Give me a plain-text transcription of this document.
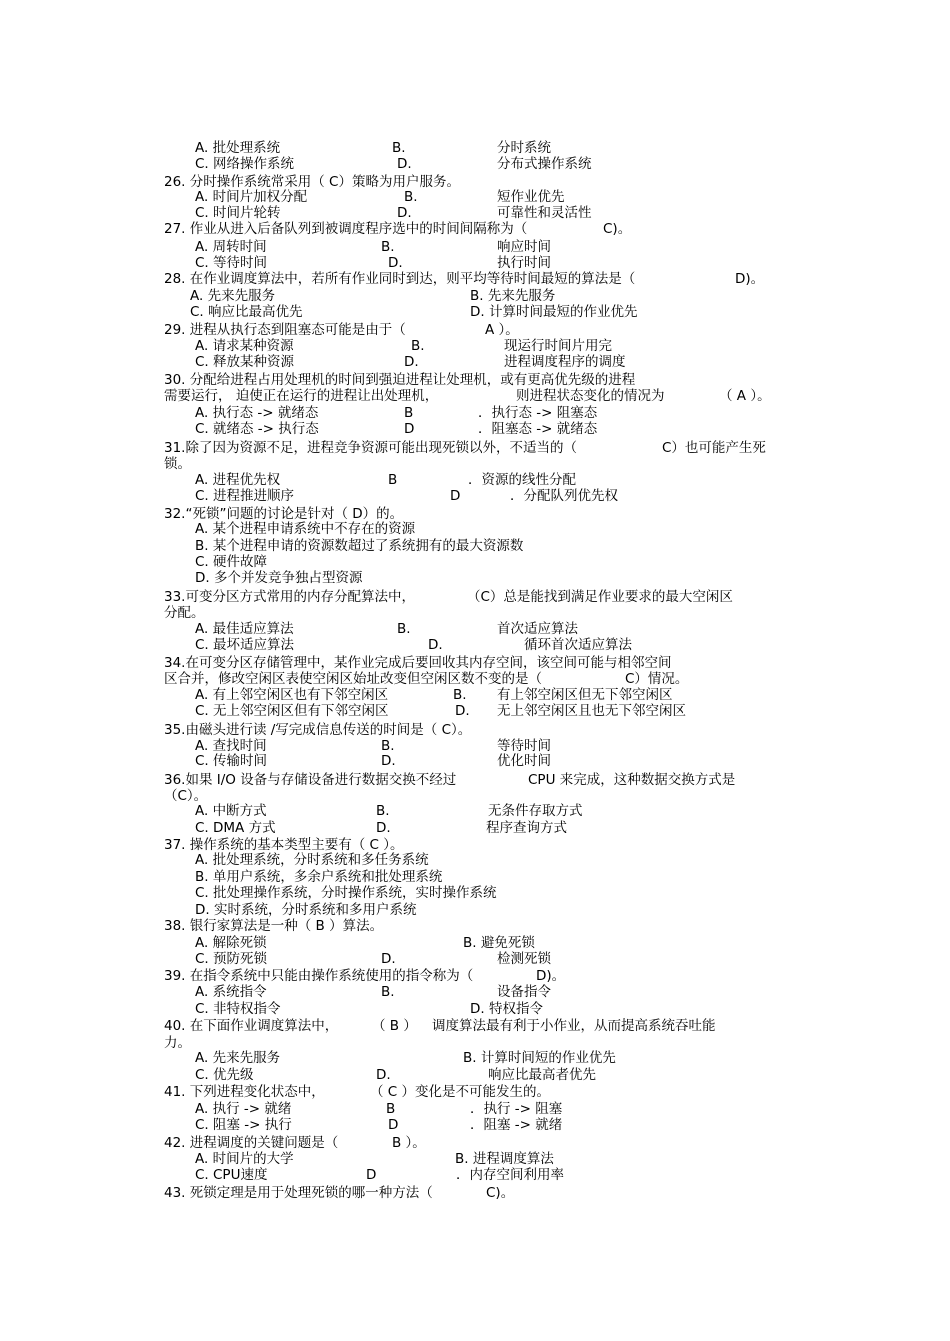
A. 批处理系统	B.	分时系统
C. 网络操作系统	D.	分布式操作系统
26. 分时操作系统常采用（ C）策略为用户服务。
A. 时间片加权分配	B.	短作业优先
C. 时间片轮转	D.	可靠性和灵活性
27. 作业从进入后备队列到被调度程序选中的时间间隔称为（	C)。
A. 周转时间	B.	响应时间
C. 等待时间	D.	执行时间
28. 在作业调度算法中，若所有作业同时到达，则平均等待时间最短的算法是（	D)。
A. 先来先服务	B. 先来先服务
C. 响应比最高优先	D. 计算时间最短的作业优先
29. 进程从执行态到阻塞态可能是由于（	A ）。
A. 请求某种资源	B.	现运行时间片用完
C. 释放某种资源	D.	进程调度程序的调度
30. 分配给进程占用处理机的时间到强迫进程让处理机，或有更高优先级的进程
需要运行， 迫使正在运行的进程让出处理机，	则进程状态变化的情况为	（ A ）。
A. 执行态 -> 就绪态	B	．执行态 -> 阻塞态
C. 就绪态 -> 执行态	D	．阻塞态 -> 就绪态
31.除了因为资源不足，进程竞争资源可能出现死锁以外，不适当的（	C）也可能产生死
锁。
A. 进程优先权	B	．资源的线性分配
C. 进程推进顺序	D	．分配队列优先权
32.“死锁”问题的讨论是针对（ D）的。
A. 某个进程申请系统中不存在的资源
B. 某个进程申请的资源数超过了系统拥有的最大资源数
C. 硬件故障
D. 多个并发竞争独占型资源
33.可变分区方式常用的内存分配算法中，	（C）总是能找到满足作业要求的最大空闲区
分配。
A. 最佳适应算法	B.	首次适应算法
C. 最坏适应算法	D.	循环首次适应算法
34.在可变分区存储管理中，某作业完成后要回收其内存空间，该空间可能与相邻空间
区合并，修改空闲区表使空闲区始址改变但空闲区数不变的是（	C）情况。
A. 有上邻空闲区也有下邻空闲区	B. 有上邻空闲区但无下邻空闲区
C. 无上邻空闲区但有下邻空闲区	D. 无上邻空闲区且也无下邻空闲区
35.由磁头进行读 /写完成信息传送的时间是（ C）。
A. 查找时间	B.	等待时间
C. 传输时间	D.	优化时间
36.如果 I/O 设备与存储设备进行数据交换不经过	CPU 来完成，这种数据交换方式是
（C）。
A. 中断方式	B.	无条件存取方式
C. DMA 方式	D.	程序查询方式
37. 操作系统的基本类型主要有（ C ）。
A. 批处理系统，分时系统和多任务系统
B. 单用户系统，多余户系统和批处理系统
C. 批处理操作系统，分时操作系统，实时操作系统
D. 实时系统，分时系统和多用户系统
38. 银行家算法是一种（ B ）算法。
A. 解除死锁	B. 避免死锁
C. 预防死锁	D.	检测死锁
39. 在指令系统中只能由操作系统使用的指令称为（	D)。
A. 系统指令	B.	设备指令
C. 非特权指令	D. 特权指令
40. 在下面作业调度算法中， （ B ） 调度算法最有利于小作业，从而提高系统吞吐能
力。
A. 先来先服务	B. 计算时间短的作业优先
C. 优先级	D.	响应比最高者优先
41. 下列进程变化状态中，	（ C ）变化是不可能发生的。
A. 执行 -> 就绪	B	．执行 -> 阻塞
C. 阻塞 -> 执行	D	．阻塞 -> 就绪
42. 进程调度的关键问题是（	B ）。
A. 时间片的大学	B. 进程调度算法
C. CPU速度	D	．内存空间利用率
43. 死锁定理是用于处理死锁的哪一种方法（	C)。
